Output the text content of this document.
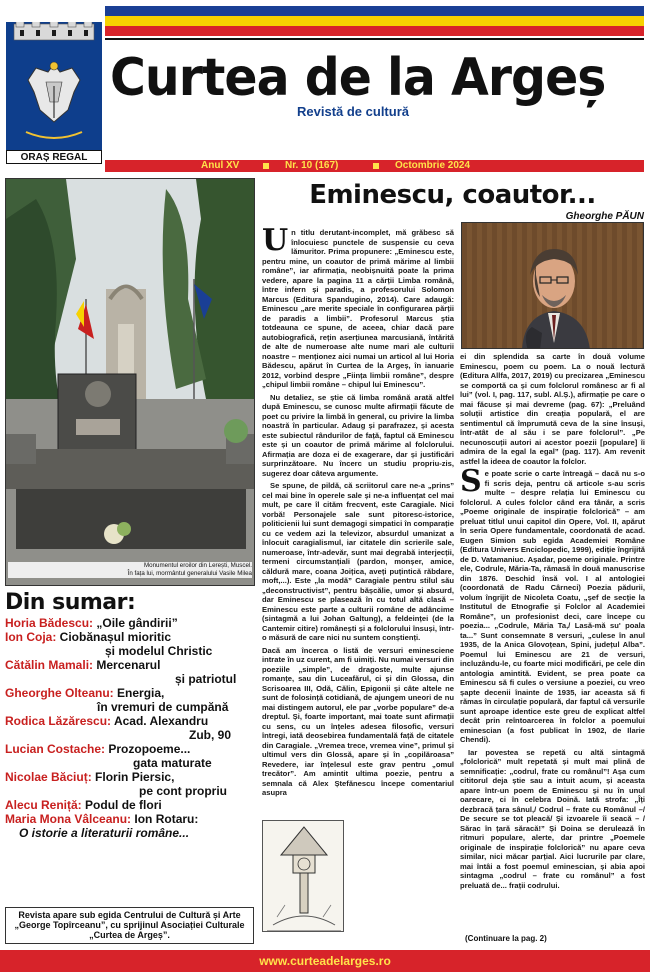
ORAȘ REGAL
Curtea de la Argeș
Revistă de cultură
Anul XV	Nr. 10 (167)	Octombrie 2024
Monumentul eroilor din Lerești, Muscel.
În fața lui, mormântul generalului Vasile Milea
Din sumar:
Horia Bădescu: „Oile gândirii”
Ion Coja: Ciobănașul mioritic
și modelul Christic
Cătălin Mamali: Mercenarul
și patriotul
Gheorghe Olteanu: Energia,
în vremuri de cumpănă
Rodica Lăzărescu: Acad. Alexandru
Zub, 90
Lucian Costache: Prozopoeme...
gata maturate
Nicolae Băciuț: Florin Piersic,
pe cont propriu
Alecu Reniță: Podul de flori
Maria Mona Vâlceanu: Ion Rotaru:
O istorie a literaturii române...
Revista apare sub egida Centrului de Cultură și Arte „George Topîrceanu”, cu sprijinul Asociației Culturale „Curtea de Argeș”.
Eminescu, coautor...
Gheorghe PĂUN

Un titlu derutant-incomplet, mă grăbesc să înlocuiesc punctele de suspensie cu ceva lămuritor. Prima propunere: „Eminescu este, pentru mine, un coautor de primă mărime al limbii române”, iar afirmația, neobișnuită poate la prima vedere, apare la pagina 11 a cărții Limba română, între infern și paradis, a profesorului Solomon Marcus (Editura Spandugino, 2014). Care adaugă: Eminescu „are merite speciale în configurarea părții de paradis a limbii”. Profesorul Marcus știa totdeauna ce spune, de aceea, chiar dacă pare autobiografică, rețin aserțiunea marcusiană, întărită de alte de numeroase alte nume mari ale culturii noastre – menționez aici numai un articol al lui Horia Bădescu, apărut în Curtea de la Argeș, în ianuarie 2012, vorbind despre „Ființa limbii române”, despre „chipul limbii române – chipul lui Eminescu”.

Nu detaliez, se știe că limba română arată altfel după Eminescu, se cunosc multe afirmații făcute de poet cu privire la limbă în general, cu privire la limba noastră în particular. Adaug și parafrazez, și acesta este subiectul rândurilor de față, faptul că Eminescu este și un coautor de primă mărime al folclorului. Afirmația are doza ei de exagerare, dar și justificări surprinzătoare. Nu încerc un studiu propriu-zis, sugerez doar câteva argumente.

Se spune, de pildă, că scriitorul care ne-a „prins” cel mai bine în operele sale și ne-a influențat cel mai mult, pe care îl cităm frecvent, este Caragiale. Nici vorbă! Personajele sale sunt pitoresc-istorice, politicienii lui sunt demagogi simpatici în comparație cu ce vedem azi la televizor, absurdul umanizat a înlocuit caragialismul, iar citatele din scrierile sale, numeroase, într-adevăr, sunt mai degrabă interjecții, termeni circumstanțiali (pardon, monșer, amice, căldură mare, coana Joițica, aveți puțintică răbdare, moft,...). Este „la modă” Caragiale pentru stilul său „deconstructivist”, pentru bășcălie, umor și absurd, dar Eminescu se plasează în cu totul altă clasă – Eminescu este parte a culturii române de adâncime (sintagmă a lui Johan Galtung), a feldeinței (de la Cantemir citire) românești și a folclorului însuși, într-o măsură de care nici nu suntem conștienți.

Dacă am încerca o listă de versuri eminesciene intrate în uz curent, am fi uimiți. Nu numai versuri din poeziile „simple”, de dragoste, multe ajunse romanțe, sau din Luceafărul, ci și din Glossa, din Scrisoarea III, Odă, Călin, Epigonii și câte altele ne sunt de folosință cotidiană, de ajungem uneori de nu mai distingem autorul, ele par „vorbe populare” de-a dreptul. Și, foarte important, mai toate sunt afirmații cu sens, cu un înțeles adesea filosofic, versuri întregi, iată deosebirea fundamentală față de citatele din Caragiale. „Vremea trece, vremea vine”, primul și ultimul vers din Glossă, apare și în „copilăroasa” Revedere, iar înțelesul este grav pentru „omul trecător”. Am amintit ultima poezie, pentru a semnala că Alex Ștefănescu începe comentariul asupra

ei din splendida sa carte în două volume Eminescu, poem cu poem. La o nouă lectură (Editura Allfa, 2017, 2019) cu precizarea „Eminescu se comportă ca și cum folclorul românesc ar fi al lui” (vol. I, pag. 117, subl. Al.Ș.), afirmație pe care o mai făcuse și mai devreme (pag. 67): „Preluând soluții artistice din creația populară, el are sentimentul că împrumută ceva de la sine însuși, într-atât de al său i se pare folclorul”. „Pe necunoscuții autori ai acestor poezii [populare] îi admira de la egal la egal” (pag. 117). Am revenit astfel la ideea de coautor la folclor.

Se poate scrie o carte întreagă – dacă nu s-o fi scris deja, pentru că articole s-au scris multe – despre relația lui Eminescu cu folclorul. A cules folclor când era tânăr, a scris „Poeme originale de inspirație folclorică” – am preluat titlul unui capitol din Opere, Vol. II, apărut în seria Opere fundamentale, coordonată de acad. Eugen Simion sub egida Academiei Române (Editura Univers Enciclopedic, 1999), ediție îngrijită de D. Vatamaniuc. Așadar, poeme originale. Printre ele, Codrule, Măria-Ta, rămasă în două manuscrise din 1876. Deschid însă vol. I al antologiei (coordonată de Radu Cârneci) Poezia pădurii, volum îngrijit de Nicoleta Coatu, „șef de secție la Institutul de Etnografie și Folclor al Academiei Române”, un profesionist deci, care începe cu poezia... „Codrule, Măria Ta,/ Lasă-mă su' poala ta...” Sunt consemnate 8 versuri, „culese în anul 1935, de la Anica Glovoțean, Spini, județul Alba”. Poemul lui Eminescu are 21 de versuri, incluzându-le, cu foarte mici modificări, pe cele din antologia amintită. Evident, se prea poate ca Eminescu să fi cules o versiune a poeziei, cu vreo șapte decenii înainte de 1935, iar aceasta să fi rămas în circulație populară, dar faptul că versurile sunt aproape identice este greu de explicat altfel decât prin reîntoarcerea în folclor a poemului eminescian (a fost publicat în 1902, de Ilarie Chendi).

Iar povestea se repetă cu altă sintagmă „folclorică” mult repetată și mult mai plină de semnificație: „codrul, frate cu românul”! Așa cum cititorul deja știe sau a intuit acum, și aceasta apare într-un poem de Eminescu și nu în unul oarecare, ci în celebra Doină. Iată strofa: „Îți dezbracă țara sânul,/ Codrul – frate cu Românul –/ De secure se tot pleacă/ Și izvoarele îi seacă – / Sărac în țară săracă!” Și Doina se derulează în ritmuri populare, alerte, dar printre „Poemele originale de inspirație folclorică” nu apare ceva similar, nici măcar parțial. Aici lucrurile par clare, mai întâi a fost poemul eminescian, și abia apoi sintagma „codrul – frate cu românul” a fost preluată de... frații codrului.

(Continuare la pag. 2)
www.curteadelarges.ro
